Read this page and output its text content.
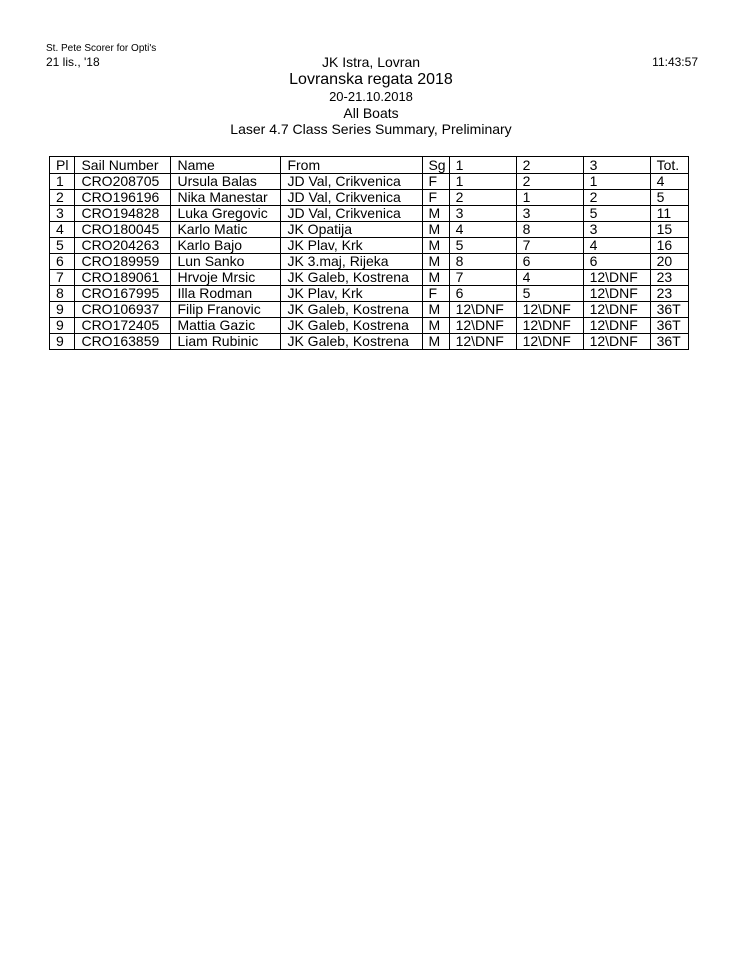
St. Pete Scorer for Opti's
21 lis., '18	11:43:57
JK Istra, Lovran
Lovranska regata 2018
20-21.10.2018
All Boats
Laser 4.7 Class Series Summary, Preliminary
Pl	Sail Number	Name	From	Sg	1	2	3	Tot.
1	CRO208705	Ursula Balas	JD Val, Crikvenica	F	1	2	1	4
2	CRO196196	Nika Manestar	JD Val, Crikvenica	F	2	1	2	5
3	CRO194828	Luka Gregovic	JD Val, Crikvenica	M	3	3	5	11
4	CRO180045	Karlo Matic	JK Opatija	M	4	8	3	15
5	CRO204263	Karlo Bajo	JK Plav, Krk	M	5	7	4	16
6	CRO189959	Lun Sanko	JK 3.maj, Rijeka	M	8	6	6	20
7	CRO189061	Hrvoje Mrsic	JK Galeb, Kostrena	M	7	4	12\DNF	23
8	CRO167995	Illa Rodman	JK Plav, Krk	F	6	5	12\DNF	23
9	CRO106937	Filip Franovic	JK Galeb, Kostrena	M	12\DNF	12\DNF	12\DNF	36T
9	CRO172405	Mattia Gazic	JK Galeb, Kostrena	M	12\DNF	12\DNF	12\DNF	36T
9	CRO163859	Liam Rubinic	JK Galeb, Kostrena	M	12\DNF	12\DNF	12\DNF	36T
